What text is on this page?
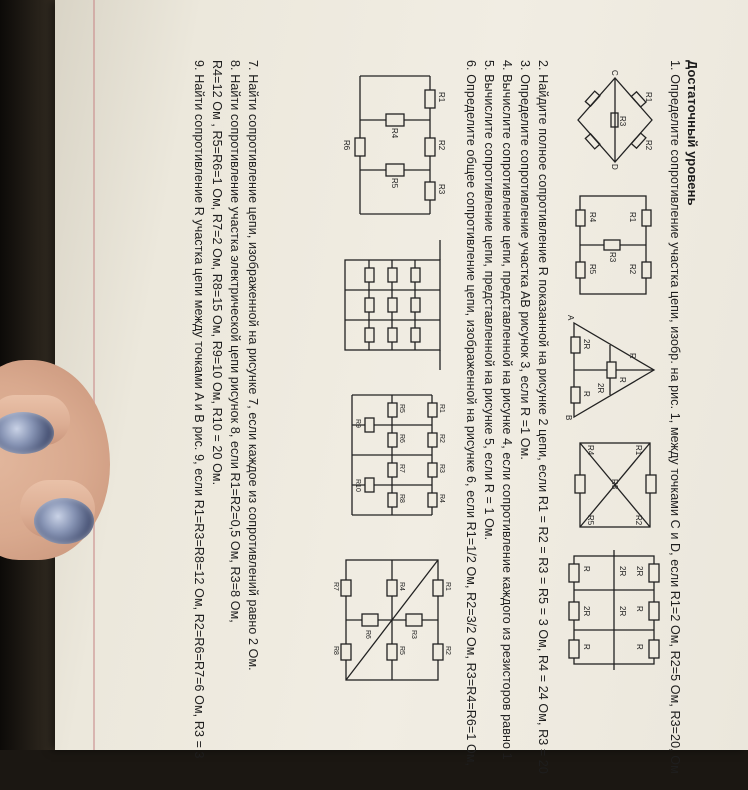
Достаточный уровень
1. Определите сопротивление участка цепи, изобр. на рис. 1, между точками C и D, если R1=2 Ом, R2=5 Ом, R3=20, Ом
R1
R2
R3
C
D
R1
R2
R3
R4
R5
A
B
2R
R
R
R
2R
R1
R2
R3
R4
R5
2R
R
R
2R
2R
R
2R
R
2. Найдите полное сопротивление R показанной на рисунке 2 цепи, если R1 = R2 = R3 = R5 = 3 Ом, R4 = 24 Ом, R3 = 20
3. Определите сопротивление участка AB рисунок 3, если R =1 Ом.
4. Вычислите сопротивление цепи, представленной на рисунке 4, если сопротивление каждого из резисторов равно 1
5. Вычислите сопротивление цепи, представленной на рисунке 5, если R = 1 Ом.
6. Определите общее сопротивление цепи, изображенной на рисунке 6, если R1=1/2 Ом, R2=3/2 Ом, R3=R4=R6=1 Ом,
R1
R2
R3
R4
R5
R6
R1
R2
R3
R4
R5
R6
R7
R8
R9
R10
R1
R2
R3
R4
R5
R6
R7
R8
7. Найти сопротивление цепи, изображенной на рисунке 7, если каждое из сопротивлений равно 2 Ом.
8. Найти сопротивление участка электрической цепи рисунок 8, если R1=R2=0,5 Ом, R3=8 Ом,
R4=12 Ом , R5=R6=1 Ом, R7=2 Ом, R8=15 Ом, R9=10 Ом, R10 = 20 Ом.
9. Найти сопротивление R участка цепи между точками A и B рис. 9, если R1=R3=R8=12 Ом, R2=R6=R7=6 Ом, R3 = 3
